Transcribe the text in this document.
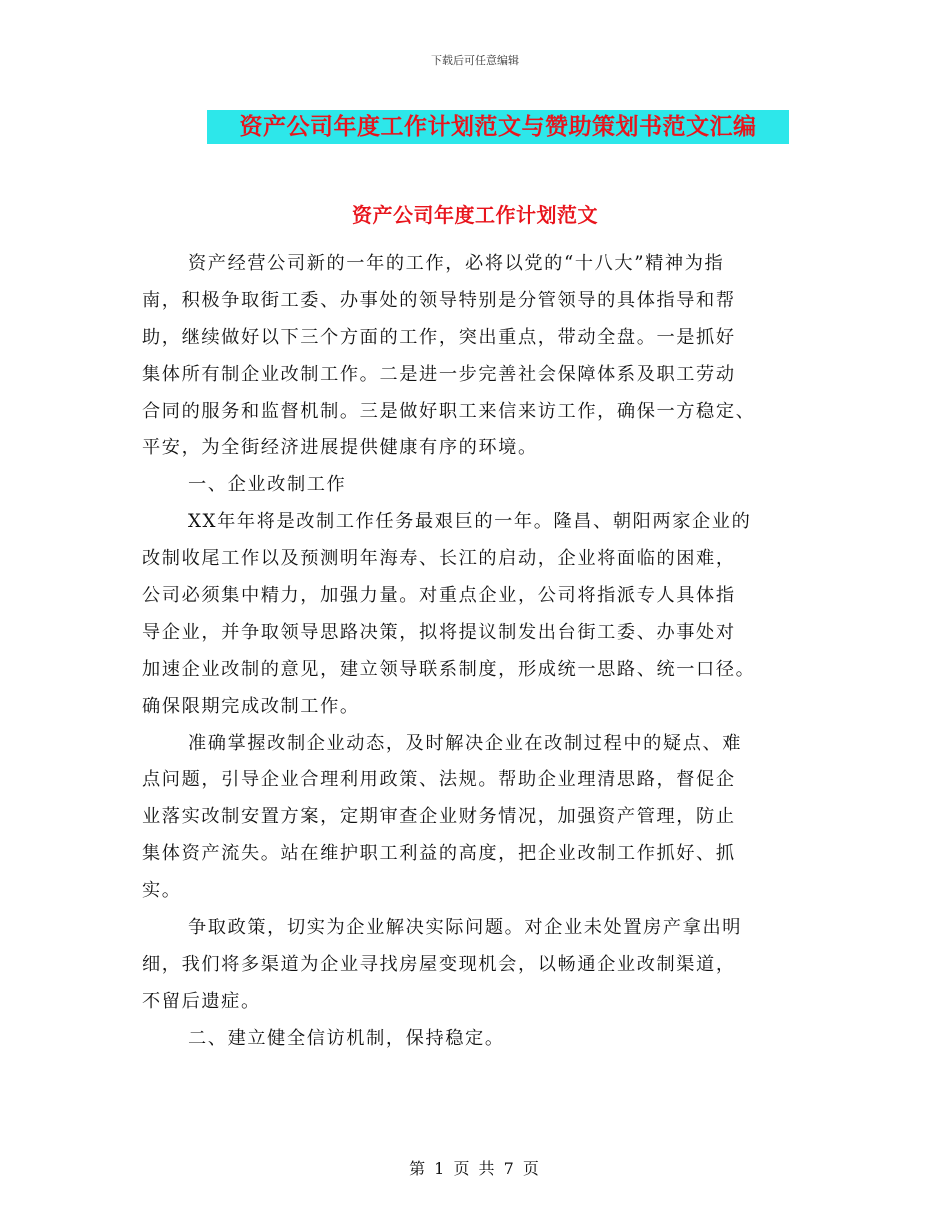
下载后可任意编辑
资产公司年度工作计划范文与赞助策划书范文汇编
资产公司年度工作计划范文
资产经营公司新的一年的工作，必将以党的“十八大”精神为指
南，积极争取街工委、办事处的领导特别是分管领导的具体指导和帮
助，继续做好以下三个方面的工作，突出重点，带动全盘。一是抓好
集体所有制企业改制工作。二是进一步完善社会保障体系及职工劳动
合同的服务和监督机制。三是做好职工来信来访工作，确保一方稳定、
平安，为全街经济进展提供健康有序的环境。
一、企业改制工作
XX年年将是改制工作任务最艰巨的一年。隆昌、朝阳两家企业的
改制收尾工作以及预测明年海寿、长江的启动，企业将面临的困难，
公司必须集中精力，加强力量。对重点企业，公司将指派专人具体指
导企业，并争取领导思路决策，拟将提议制发出台街工委、办事处对
加速企业改制的意见，建立领导联系制度，形成统一思路、统一口径。
确保限期完成改制工作。
准确掌握改制企业动态，及时解决企业在改制过程中的疑点、难
点问题，引导企业合理利用政策、法规。帮助企业理清思路，督促企
业落实改制安置方案，定期审查企业财务情况，加强资产管理，防止
集体资产流失。站在维护职工利益的高度，把企业改制工作抓好、抓
实。
争取政策，切实为企业解决实际问题。对企业未处置房产拿出明
细，我们将多渠道为企业寻找房屋变现机会，以畅通企业改制渠道，
不留后遗症。
二、建立健全信访机制，保持稳定。
第 1 页 共 7 页
